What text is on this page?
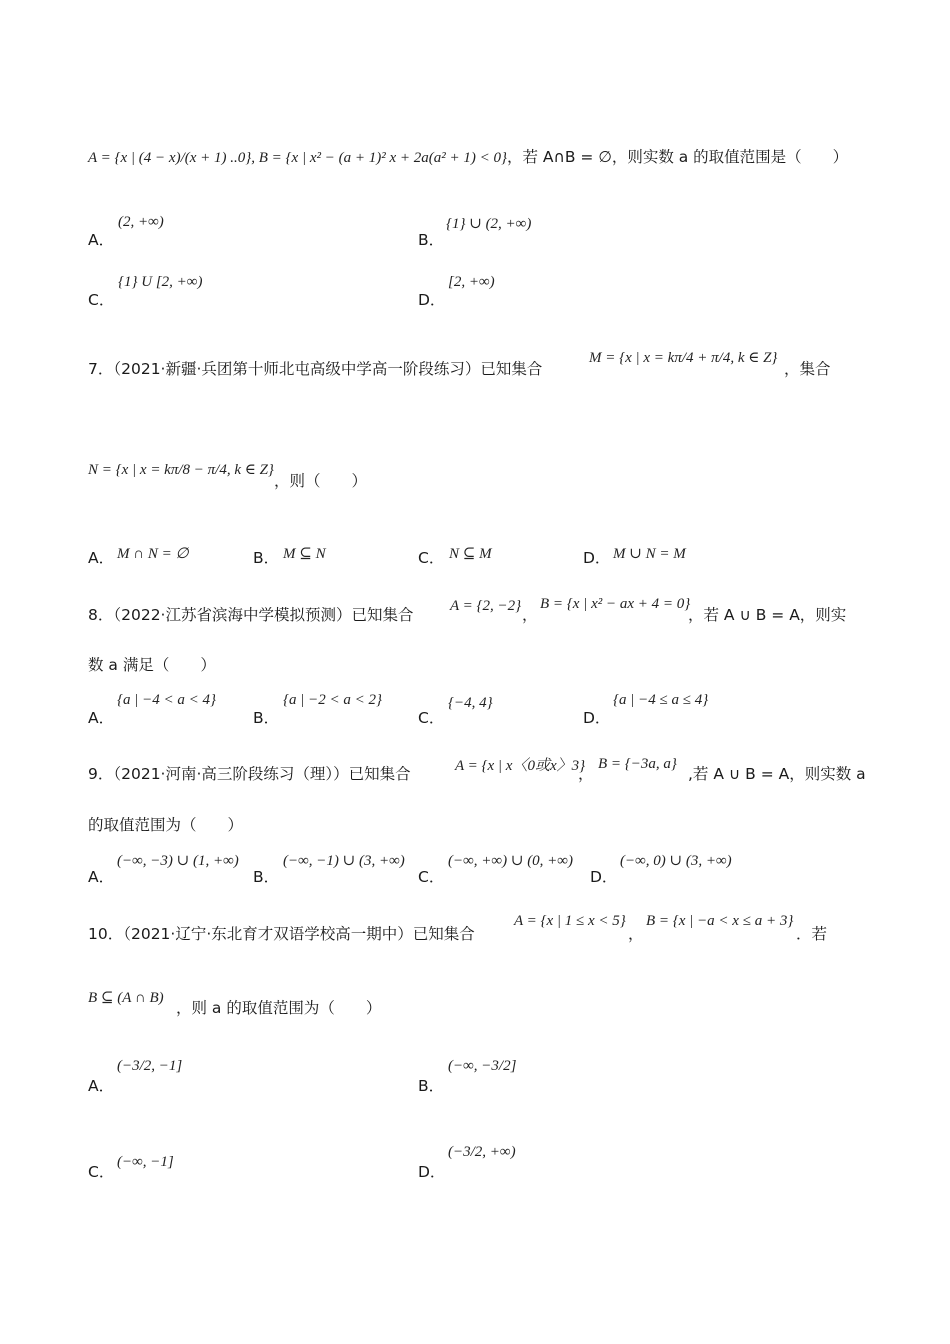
A = {x | (4 − x)/(x + 1) ..0}, B = {x | x² − (a + 1)² x + 2a(a² + 1) < 0}，若 A∩B = ∅，则实数 a 的取值范围是（　　）
A．
(2, +∞)
B．
{1} ∪ (2, +∞)
C．
{1} U [2, +∞)
D．
[2, +∞)
7．（2021·新疆·兵团第十师北屯高级中学高一阶段练习）已知集合
M = {x | x = kπ/4 + π/4, k ∈ Z}
，集合
N = {x | x = kπ/8 − π/4, k ∈ Z}
，则（　　）
A． M ∩ N = ∅	B． M ⊆ N	C． N ⊆ M	D． M ∪ N = M
8．（2022·江苏省滨海中学模拟预测）已知集合 A = {2, −2} ，
B = {x | x² − ax + 4 = 0}
，若 A ∪ B = A，则实
数 a 满足（　　）
A．
{a | −4 < a < 4}
B．
{a | −2 < a < 2}
C．
{−4, 4}
D．
{a | −4 ≤ a ≤ 4}
9．（2021·河南·高三阶段练习（理））已知集合	A = {x | x〈0或x〉3}
，
B = {−3a, a}
,若 A ∪ B = A，则实数 a
的取值范围为（　　）
A．
(−∞, −3) ∪ (1, +∞)
B．
(−∞, −1) ∪ (3, +∞)
C．
(−∞, +∞) ∪ (0, +∞)
D．
(−∞, 0) ∪ (3, +∞)
10．（2021·辽宁·东北育才双语学校高一期中）已知集合
A = {x | 1 ≤ x < 5}
，
B = {x | −a < x ≤ a + 3}
．若
B ⊆ (A ∩ B)
，则 a 的取值范围为（　　）
A．
(−3/2, −1]
B．
(−∞, −3/2]
C．
(−∞, −1]
D．
(−3/2, +∞)
